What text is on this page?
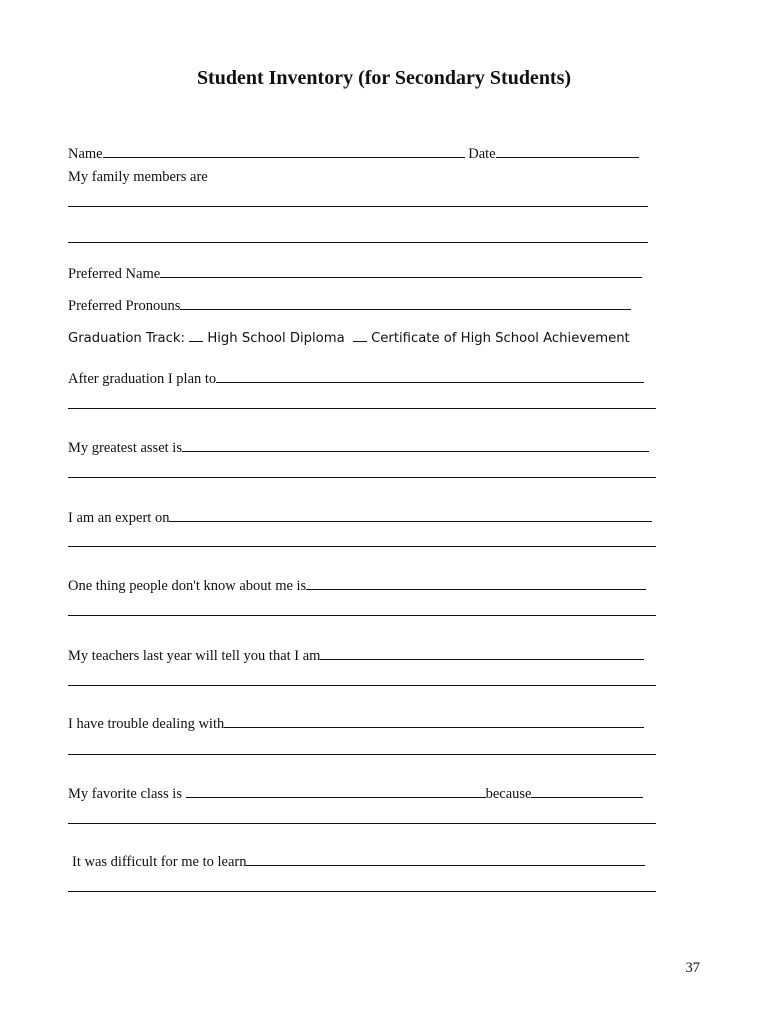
Student Inventory (for Secondary Students)
Name	Date
My family members are
Preferred Name
Preferred Pronouns
Graduation Track: High School Diploma Certificate of High School Achievement
After graduation I plan to
My greatest asset is
I am an expert on
One thing people don't know about me is
My teachers last year will tell you that I am
I have trouble dealing with
My favorite class is	because
It was difficult for me to learn
37
